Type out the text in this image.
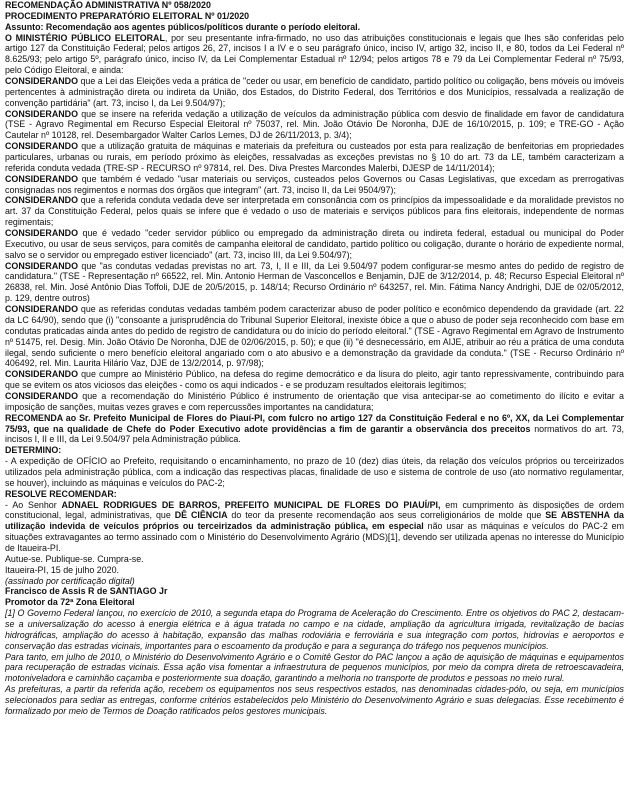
RECOMENDAÇÃO ADMINISTRATIVA Nº 058/2020

PROCEDIMENTO PREPARATÓRIO ELEITORAL Nº 01/2020

Assunto: Recomendação aos agentes públicos/políticos durante o período eleitoral.

O MINISTÉRIO PÚBLICO ELEITORAL, por seu presentante infra-firmado, no uso das atribuições constitucionais e legais que lhes são conferidas pelo artigo 127 da Constituição Federal; pelos artigos 26, 27, incisos I a IV e o seu parágrafo único, inciso IV, artigo 32, inciso II, e 80, todos da Lei Federal nº 8.625/93; pelo artigo 5º, parágrafo único, inciso IV, da Lei Complementar Estadual nº 12/94; pelos artigos 78 e 79 da Lei Complementar Federal nº 75/93, pelo Código Eleitoral, e ainda:

CONSIDERANDO que a Lei das Eleições veda a prática de "ceder ou usar, em benefício de candidato, partido político ou coligação, bens móveis ou imóveis pertencentes à administração direta ou indireta da União, dos Estados, do Distrito Federal, dos Territórios e dos Municípios, ressalvada a realização de convenção partidária" (art. 73, inciso I, da Lei 9.504/97);

CONSIDERANDO que se insere na referida vedação a utilização de veículos da administração pública com desvio de finalidade em favor de candidatura (TSE - Agravo Regimental em Recurso Especial Eleitoral nº 75037, rel. Min. João Otávio De Noronha, DJE de 16/10/2015, p. 109; e TRE-GO - Ação Cautelar nº 10128, rel. Desembargador Walter Carlos Lemes, DJ de 26/11/2013, p. 3/4);

CONSIDERANDO que a utilização gratuita de máquinas e materiais da prefeitura ou custeados por esta para realização de benfeitorias em propriedades particulares, urbanas ou rurais, em período próximo às eleições, ressalvadas as exceções previstas no § 10 do art. 73 da LE, também caracterizam a referida conduta vedada (TRE-SP - RECURSO nº 97814, rel. Des. Diva Prestes Marcondes Malerbi, DJESP de 14/11/2014);

CONSIDERANDO que também é vedado "usar materiais ou serviços, custeados pelos Governos ou Casas Legislativas, que excedam as prerrogativas consignadas nos regimentos e normas dos órgãos que integram" (art. 73, inciso II, da Lei 9504/97);

CONSIDERANDO que a referida conduta vedada deve ser interpretada em consonância com os princípios da impessoalidade e da moralidade previstos no art. 37 da Constituição Federal, pelos quais se infere que é vedado o uso de materiais e serviços públicos para fins eleitorais, independente de normas regimentais;

CONSIDERANDO que é vedado "ceder servidor público ou empregado da administração direta ou indireta federal, estadual ou municipal do Poder Executivo, ou usar de seus serviços, para comitês de campanha eleitoral de candidato, partido político ou coligação, durante o horário de expediente normal, salvo se o servidor ou empregado estiver licenciado" (art. 73, inciso III, da Lei 9.504/97);

CONSIDERANDO que "as condutas vedadas previstas no art. 73, I, II e III, da Lei 9.504/97 podem configurar-se mesmo antes do pedido de registro de candidatura." (TSE - Representação nº 66522, rel. Min. Antonio Herman de Vasconcellos e Benjamin, DJE de 3/12/2014, p. 48; Recurso Especial Eleitoral nº 26838, rel. Min. José Antônio Dias Toffoli, DJE de 20/5/2015, p. 148/14; Recurso Ordinário nº 643257, rel. Min. Fátima Nancy Andrighi, DJE de 02/05/2012, p. 129, dentre outros)

CONSIDERANDO que as referidas condutas vedadas também podem caracterizar abuso de poder político e econômico dependendo da gravidade (art. 22 da LC 64/90), sendo que (i) "consoante a jurisprudência do Tribunal Superior Eleitoral, inexiste óbice a que o abuso de poder seja reconhecido com base em condutas praticadas ainda antes do pedido de registro de candidatura ou do início do período eleitoral." (TSE - Agravo Regimental em Agravo de Instrumento nº 51475, rel. Desig. Min. João Otávio De Noronha, DJE de 02/06/2015, p. 50); e que (ii) "é desnecessário, em AIJE, atribuir ao réu a prática de uma conduta ilegal, sendo suficiente o mero benefício eleitoral angariado com o ato abusivo e a demonstração da gravidade da conduta." (TSE - Recurso Ordinário nº 406492, rel. Min. Laurita Hilário Vaz, DJE de 13/2/2014, p. 97/98);

CONSIDERANDO que cumpre ao Ministério Público, na defesa do regime democrático e da lisura do pleito, agir tanto repressivamente, contribuindo para que se evitem os atos viciosos das eleições - como os aqui indicados - e se produzam resultados eleitorais legítimos;

CONSIDERANDO que a recomendação do Ministério Público é instrumento de orientação que visa antecipar-se ao cometimento do ilícito e evitar a imposição de sanções, muitas vezes graves e com repercussões importantes na candidatura;

RECOMENDA ao Sr. Prefeito Municipal de Flores do Piauí-PI, com fulcro no artigo 127 da Constituição Federal e no 6º, XX, da Lei Complementar 75/93, que na qualidade de Chefe do Poder Executivo adote providências a fim de garantir a observância dos preceitos normativos do art. 73, incisos I, II e III, da Lei 9.504/97 pela Administração pública.

DETERMINO:

- A expedição de OFÍCIO ao Prefeito, requisitando o encaminhamento, no prazo de 10 (dez) dias úteis, da relação dos veículos próprios ou terceirizados utilizados pela administração pública, com a indicação das respectivas placas, finalidade de uso e sistema de controle de uso (ato normativo regulamentar, se houver), incluindo as máquinas e veículos do PAC-2;

RESOLVE RECOMENDAR:

- Ao Senhor ADNAEL RODRIGUES DE BARROS, PREFEITO MUNICIPAL DE FLORES DO PIAUÍ/PI, em cumprimento às disposições de ordem constitucional, legal, administrativas, que DÊ CIÊNCIA do teor da presente recomendação aos seus correligionários de molde que SE ABSTENHA da utilização indevida de veículos próprios ou terceirizados da administração pública, em especial não usar as máquinas e veículos do PAC-2 em situações extravagantes ao termo assinado com o Ministério do Desenvolvimento Agrário (MDS)[1], devendo ser utilizada apenas no interesse do Município de Itaueira-PI.

Autue-se. Publique-se. Cumpra-se.

Itaueira-PI, 15 de julho 2020.

(assinado por certificação digital)

Francisco de Assis R de SANTIAGO Jr

Promotor da 72ª Zona Eleitoral

[1] O Governo Federal lançou, no exercício de 2010, a segunda etapa do Programa de Aceleração do Crescimento. Entre os objetivos do PAC 2, destacam-se a universalização do acesso à energia elétrica e à água tratada no campo e na cidade, ampliação da agricultura irrigada, revitalização de bacias hidrográficas, ampliação do acesso à habitação, expansão das malhas rodoviária e ferroviária e sua integração com portos, hidrovias e aeroportos e conservação das estradas vicinais, importantes para o escoamento da produção e para a segurança do tráfego nos pequenos municípios.

Para tanto, em julho de 2010, o Ministério do Desenvolvimento Agrário e o Comitê Gestor do PAC lançou a ação de aquisição de máquinas e equipamentos para recuperação de estradas vicinais. Essa ação visa fomentar a infraestrutura de pequenos municípios, por meio da compra direta de retroescavadeira, motoniveladora e caminhão caçamba e posteriormente sua doação, garantindo a melhoria no transporte de produtos e pessoas no meio rural.

As prefeituras, a partir da referida ação, recebem os equipamentos nos seus respectivos estados, nas denominadas cidades-pólo, ou seja, em municípios selecionados para sediar as entregas, conforme critérios estabelecidos pelo Ministério do Desenvolvimento Agrário e suas delegacias. Esse recebimento é formalizado por meio de Termos de Doação ratificados pelos gestores municipais.
